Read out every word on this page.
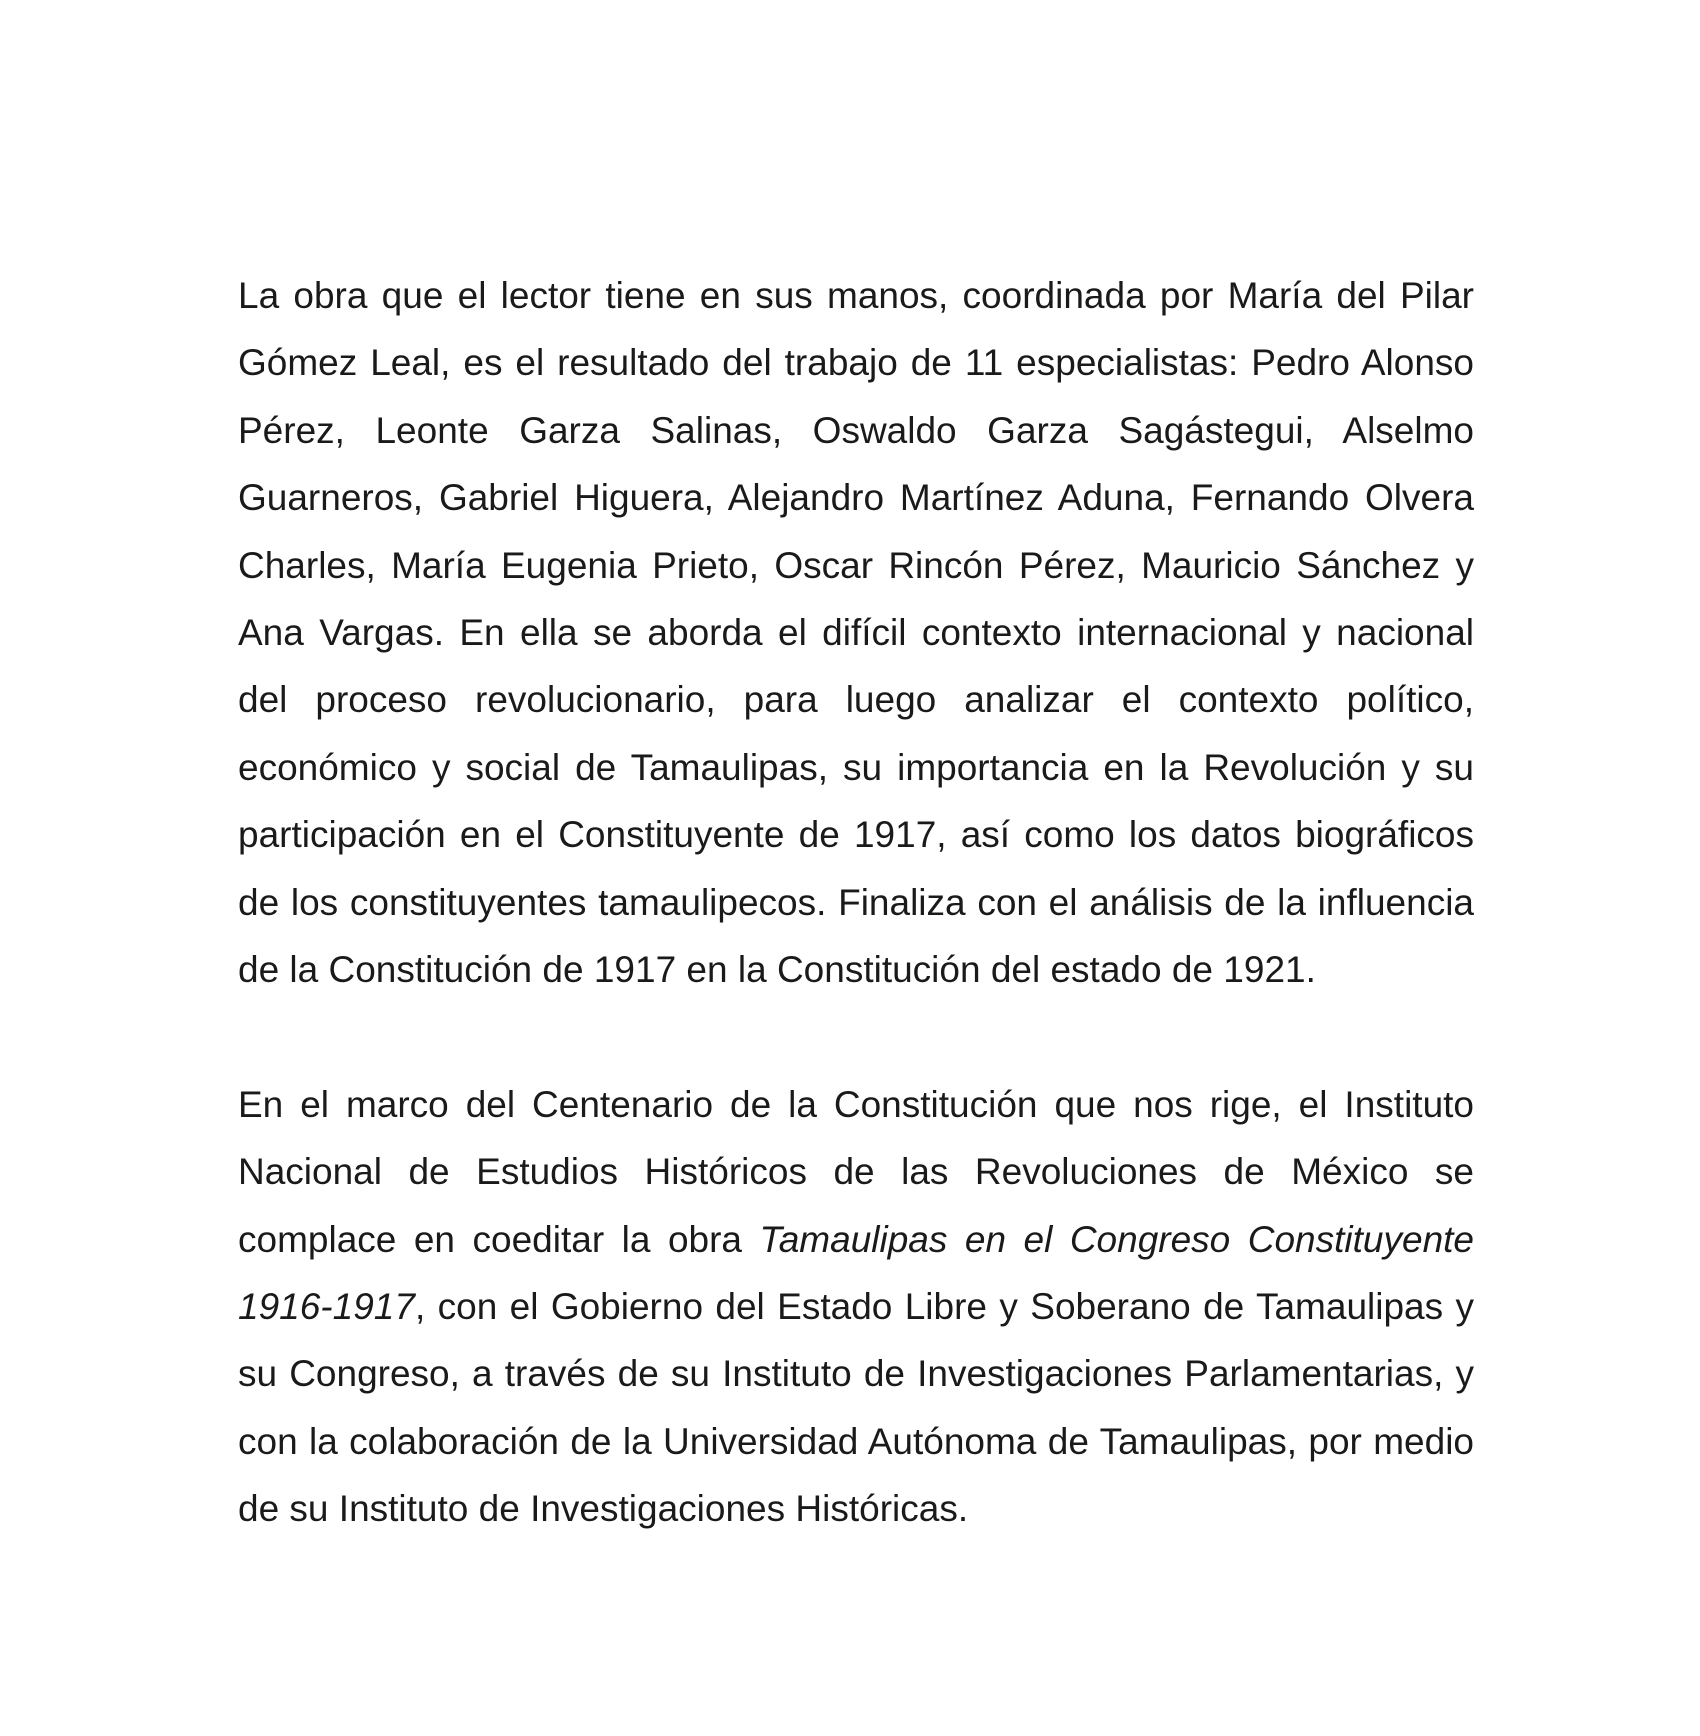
La obra que el lector tiene en sus manos, coordinada por María del Pilar Gómez Leal, es el resultado del trabajo de 11 especialistas: Pedro Alonso Pérez, Leonte Garza Salinas, Oswaldo Garza Sagástegui, Alselmo Guarneros, Gabriel Higuera, Alejandro Martínez Aduna, Fernando Olvera Charles, María Eugenia Prieto, Oscar Rincón Pérez, Mauricio Sánchez y Ana Vargas. En ella se aborda el difícil contexto internacional y nacional del proceso revolucionario, para luego analizar el contexto político, económico y social de Tamaulipas, su importancia en la Revolución y su participación en el Constituyente de 1917, así como los datos biográficos de los constituyentes tamaulipecos. Finaliza con el análisis de la influencia de la Constitución de 1917 en la Constitución del estado de 1921.

En el marco del Centenario de la Constitución que nos rige, el Instituto Nacional de Estudios Históricos de las Revoluciones de México se complace en coeditar la obra Tamaulipas en el Congreso Constituyente 1916-1917, con el Gobierno del Estado Libre y Soberano de Tamaulipas y su Congreso, a través de su Instituto de Investigaciones Parlamentarias, y con la colaboración de la Universidad Autónoma de Tamaulipas, por medio de su Instituto de Investigaciones Históricas.
